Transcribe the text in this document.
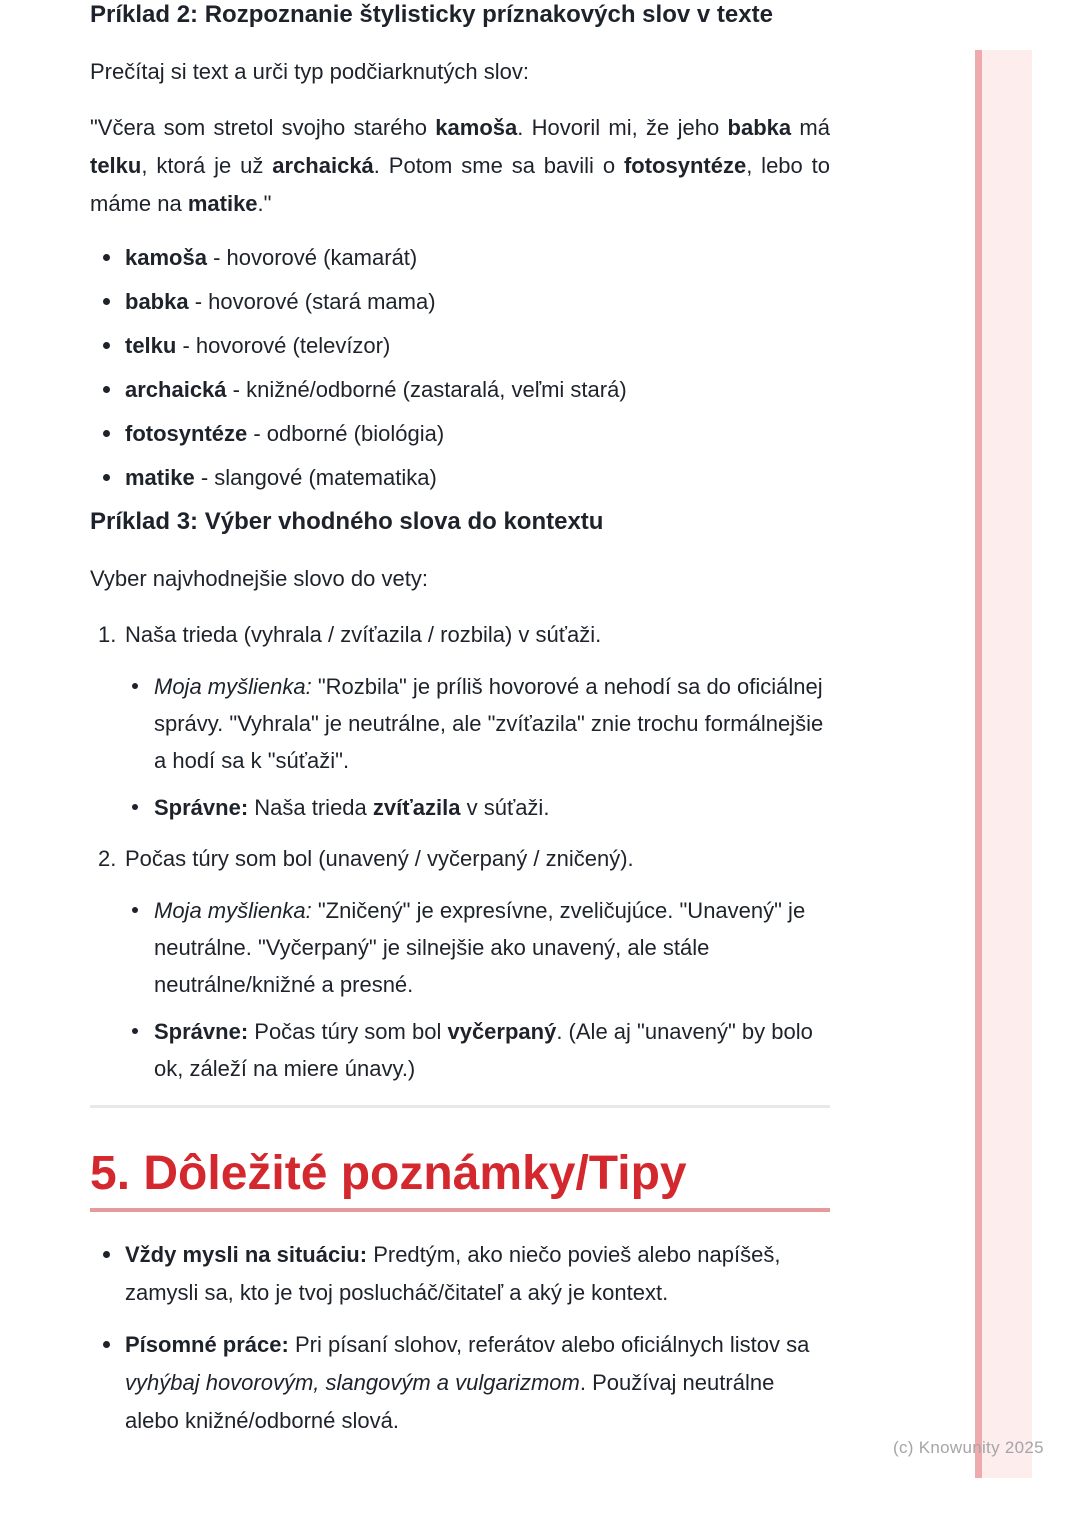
(c) Knowunity 2025
Príklad 2: Rozpoznanie štylisticky príznakových slov v texte

Prečítaj si text a urči typ podčiarknutých slov:

"Včera som stretol svojho starého kamoša. Hovoril mi, že jeho babka má telku, ktorá je už archaická. Potom sme sa bavili o fotosyntéze, lebo to máme na matike."

kamoša - hovorové (kamarát)
babka - hovorové (stará mama)
telku - hovorové (televízor)
archaická - knižné/odborné (zastaralá, veľmi stará)
fotosyntéze - odborné (biológia)
matike - slangové (matematika)
Príklad 3: Výber vhodného slova do kontextu

Vyber najvhodnejšie slovo do vety:

1. Naša trieda (vyhrala / zvíťazila / rozbila) v súťaži.
Moja myšlienka: "Rozbila" je príliš hovorové a nehodí sa do oficiálnej správy. "Vyhrala" je neutrálne, ale "zvíťazila" znie trochu formálnejšie a hodí sa k "súťaži".
Správne: Naša trieda zvíťazila v súťaži.
2. Počas túry som bol (unavený / vyčerpaný / zničený).
Moja myšlienka: "Zničený" je expresívne, zveličujúce. "Unavený" je neutrálne. "Vyčerpaný" je silnejšie ako unavený, ale stále neutrálne/knižné a presné.
Správne: Počas túry som bol vyčerpaný. (Ale aj "unavený" by bolo ok, záleží na miere únavy.)
5. Dôležité poznámky/Tipy
Vždy mysli na situáciu: Predtým, ako niečo povieš alebo napíšeš, zamysli sa, kto je tvoj poslucháč/čitateľ a aký je kontext.
Písomné práce: Pri písaní slohov, referátov alebo oficiálnych listov sa vyhýbaj hovorovým, slangovým a vulgarizmom. Používaj neutrálne alebo knižné/odborné slová.
